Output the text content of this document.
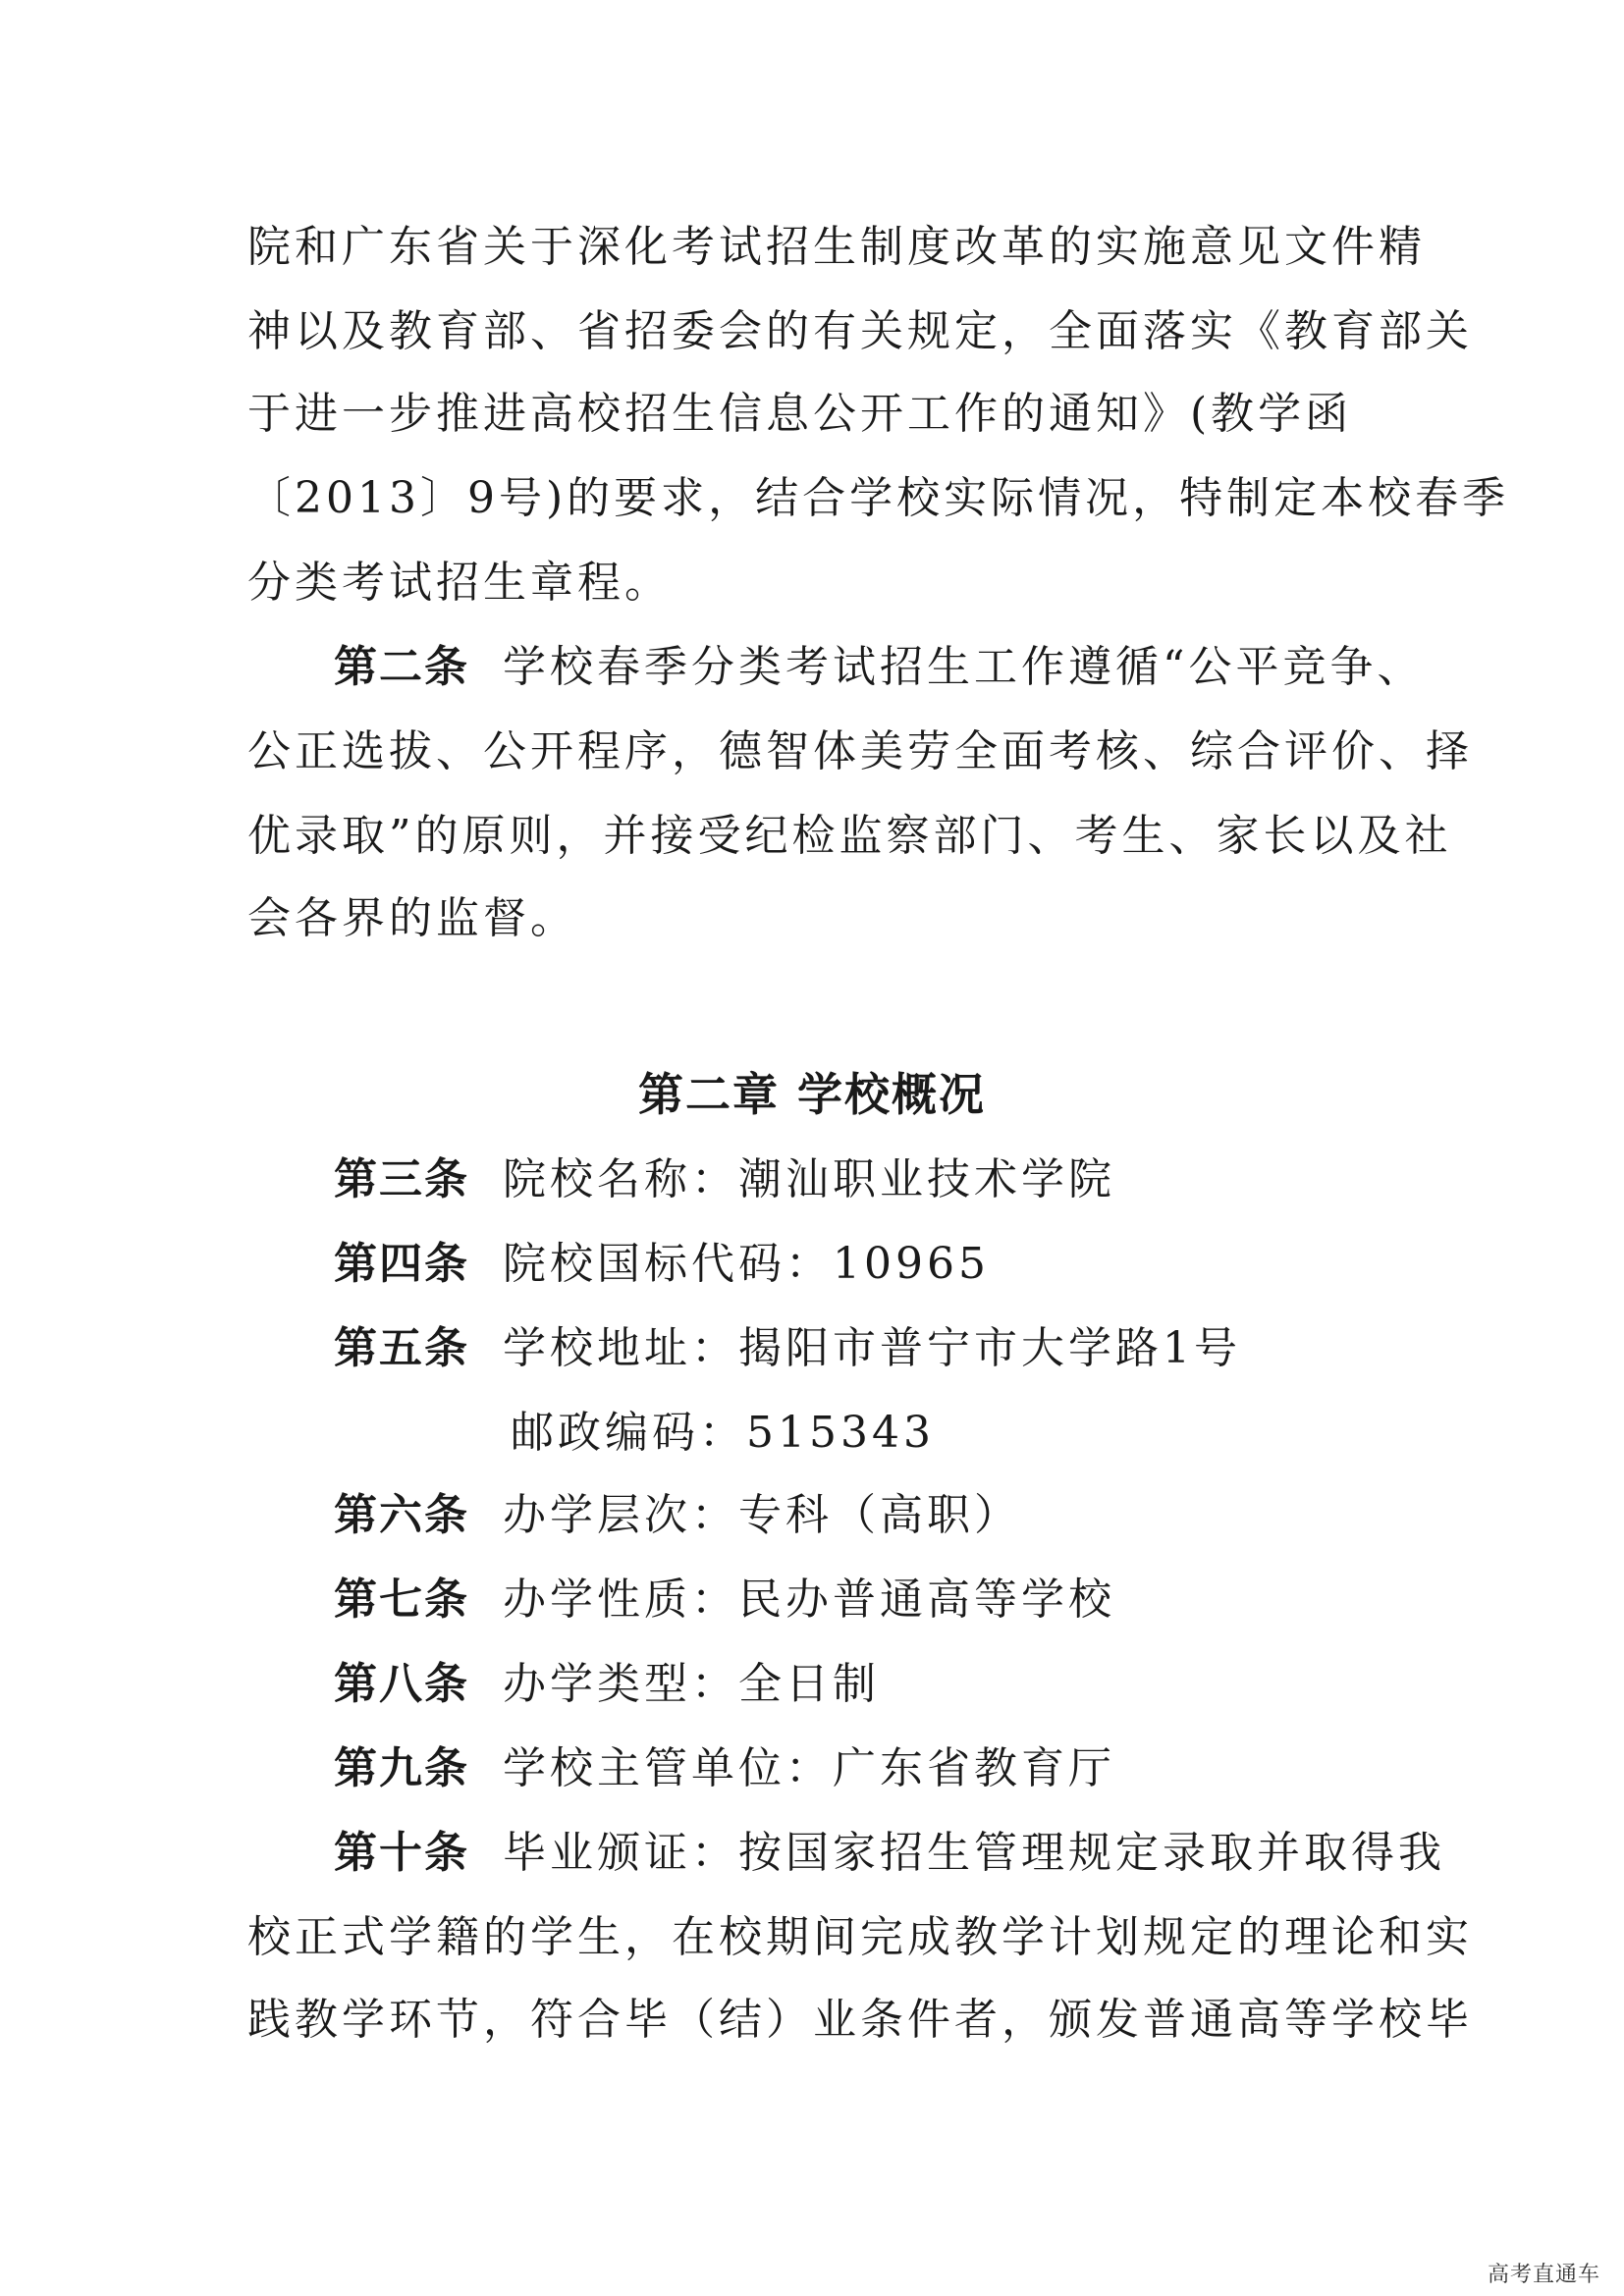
院和广东省关于深化考试招生制度改革的实施意见文件精
神以及教育部、省招委会的有关规定，全面落实《教育部关
于进一步推进高校招生信息公开工作的通知》(教学函
〔2013〕9号)的要求，结合学校实际情况，特制定本校春季
分类考试招生章程。
第二条 学校春季分类考试招生工作遵循“公平竞争、
公正选拔、公开程序，德智体美劳全面考核、综合评价、择
优录取”的原则，并接受纪检监察部门、考生、家长以及社
会各界的监督。
第二章 学校概况
第三条 院校名称：潮汕职业技术学院
第四条 院校国标代码：10965
第五条 学校地址：揭阳市普宁市大学路1号
邮政编码：515343
第六条 办学层次：专科（高职）
第七条 办学性质：民办普通高等学校
第八条 办学类型：全日制
第九条 学校主管单位：广东省教育厅
第十条 毕业颁证：按国家招生管理规定录取并取得我
校正式学籍的学生，在校期间完成教学计划规定的理论和实
践教学环节，符合毕（结）业条件者，颁发普通高等学校毕
高考直通车
